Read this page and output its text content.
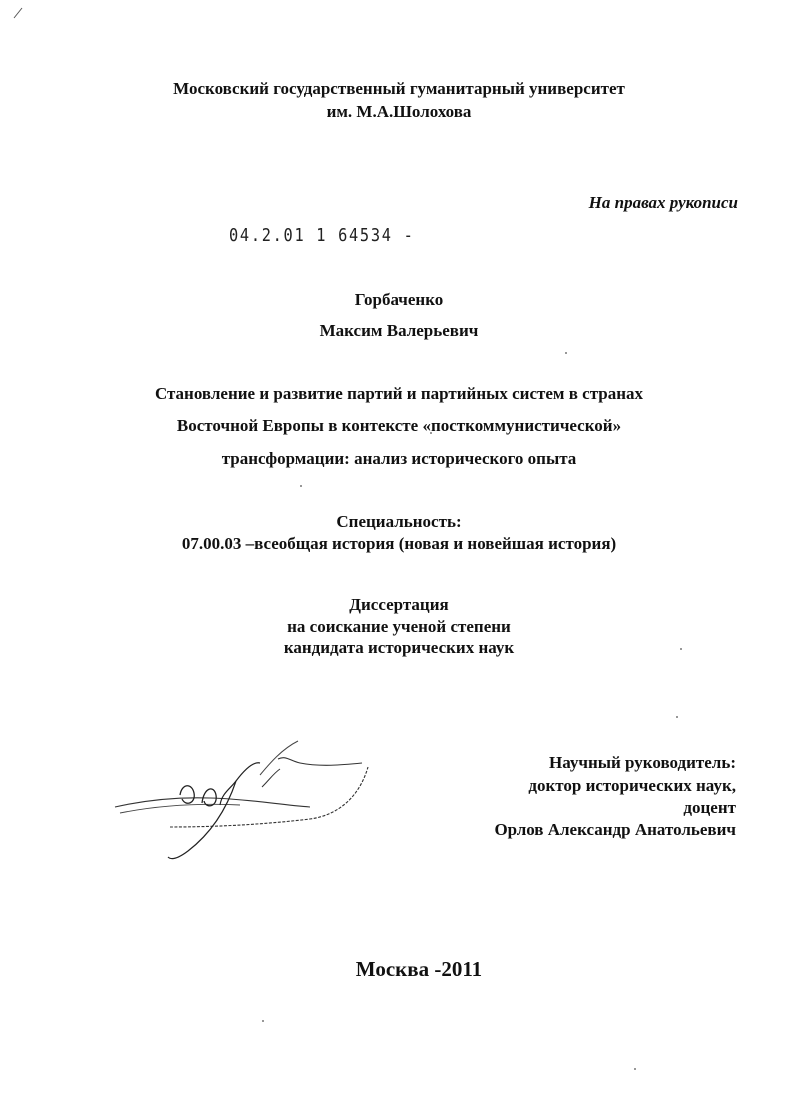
Московский государственный гуманитарный университет
им. М.А.Шолохова
На правах рукописи
04.2.01 1 64534 -
Горбаченко
Максим Валерьевич
Становление и развитие партий и партийных систем в странах
Восточной Европы в контексте «посткоммунистической»
трансформации: анализ исторического опыта
Специальность:
07.00.03 –всеобщая история (новая и новейшая история)
Диссертация
на соискание ученой степени
кандидата исторических наук
Научный руководитель:
доктор исторических наук,
доцент
Орлов Александр Анатольевич
Москва -2011
